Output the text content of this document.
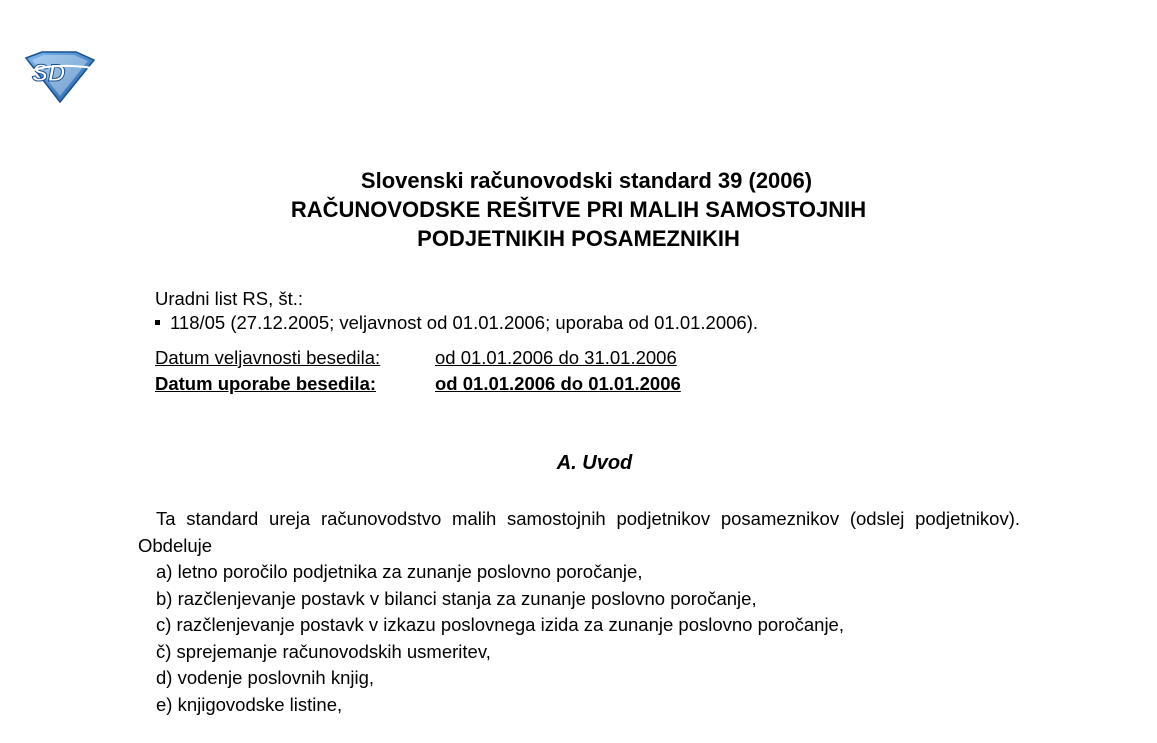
SD
Slovenski računovodski standard 39 (2006)
RAČUNOVODSKE REŠITVE PRI MALIH SAMOSTOJNIH
PODJETNIKIH POSAMEZNIKIH
Uradni list RS, št.:
118/05 (27.12.2005; veljavnost od 01.01.2006; uporaba od 01.01.2006).
Datum veljavnosti besedila:	od 01.01.2006 do 31.01.2006
Datum uporabe besedila:	od 01.01.2006 do 01.01.2006
A. Uvod

Ta standard ureja računovodstvo malih samostojnih podjetnikov posameznikov (odslej podjetnikov). Obdeluje

a) letno poročilo podjetnika za zunanje poslovno poročanje,

b) razčlenjevanje postavk v bilanci stanja za zunanje poslovno poročanje,

c) razčlenjevanje postavk v izkazu poslovnega izida za zunanje poslovno poročanje,

č) sprejemanje računovodskih usmeritev,

d) vodenje poslovnih knjig,

e) knjigovodske listine,
